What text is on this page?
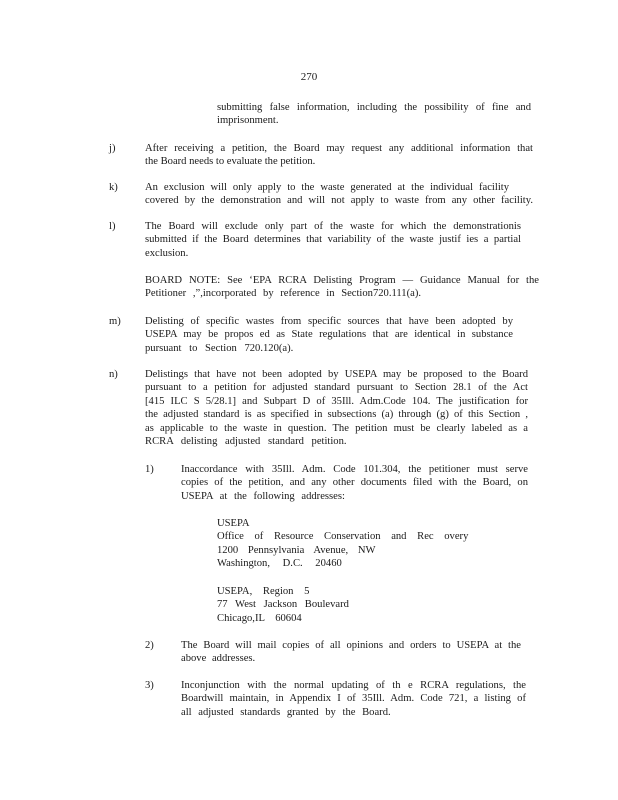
270
submitting false information, including the possibility of fine and
imprisonment.
j)	After receiving a petition, the Board may request any additional information that
the Board needs to evaluate the petition.
k)	An exclusion will only apply to the waste generated at the individual facility
covered by the demonstration and will not apply to waste from any other facility.
l)	The Board will exclude only part of the waste for which the demonstrationis
submitted if the Board determines that variability of the waste justif ies a partial
exclusion.
BOARD NOTE: See ‘EPA RCRA Delisting Program — Guidance Manual for the
Petitioner ,”,incorporated by reference in Section720.111(a).
m) Delisting of specific wastes from specific sources that have been adopted by
USEPA may be propos ed as State regulations that are identical in substance
pursuant to Section 720.120(a).
n)	Delistings that have not been adopted by USEPA may be proposed to the Board
pursuant to a petition for adjusted standard pursuant to Section 28.1 of the Act
[415 ILC S 5/28.1] and Subpart D of 35Ill. Adm.Code 104. The justification for
the adjusted standard is as specified in subsections (a) through (g) of this Section ,
as applicable to the waste in question. The petition must be clearly labeled as a
RCRA delisting adjusted standard petition.
1)	Inaccordance with 35Ill. Adm. Code 101.304, the petitioner must serve
copies of the petition, and any other documents filed with the Board, on
USEPA at the following addresses:
USEPA
Office of Resource Conservation and Rec overy
1200 Pennsylvania Avenue, NW
Washington, D.C. 20460
USEPA, Region 5
77 West Jackson Boulevard
Chicago,IL 60604
2)	The Board will mail copies of all opinions and orders to USEPA at the
above addresses.
3)	Inconjunction with the normal updating of th e RCRA regulations, the
Boardwill maintain, in Appendix I of 35Ill. Adm. Code 721, a listing of
all adjusted standards granted by the Board.
